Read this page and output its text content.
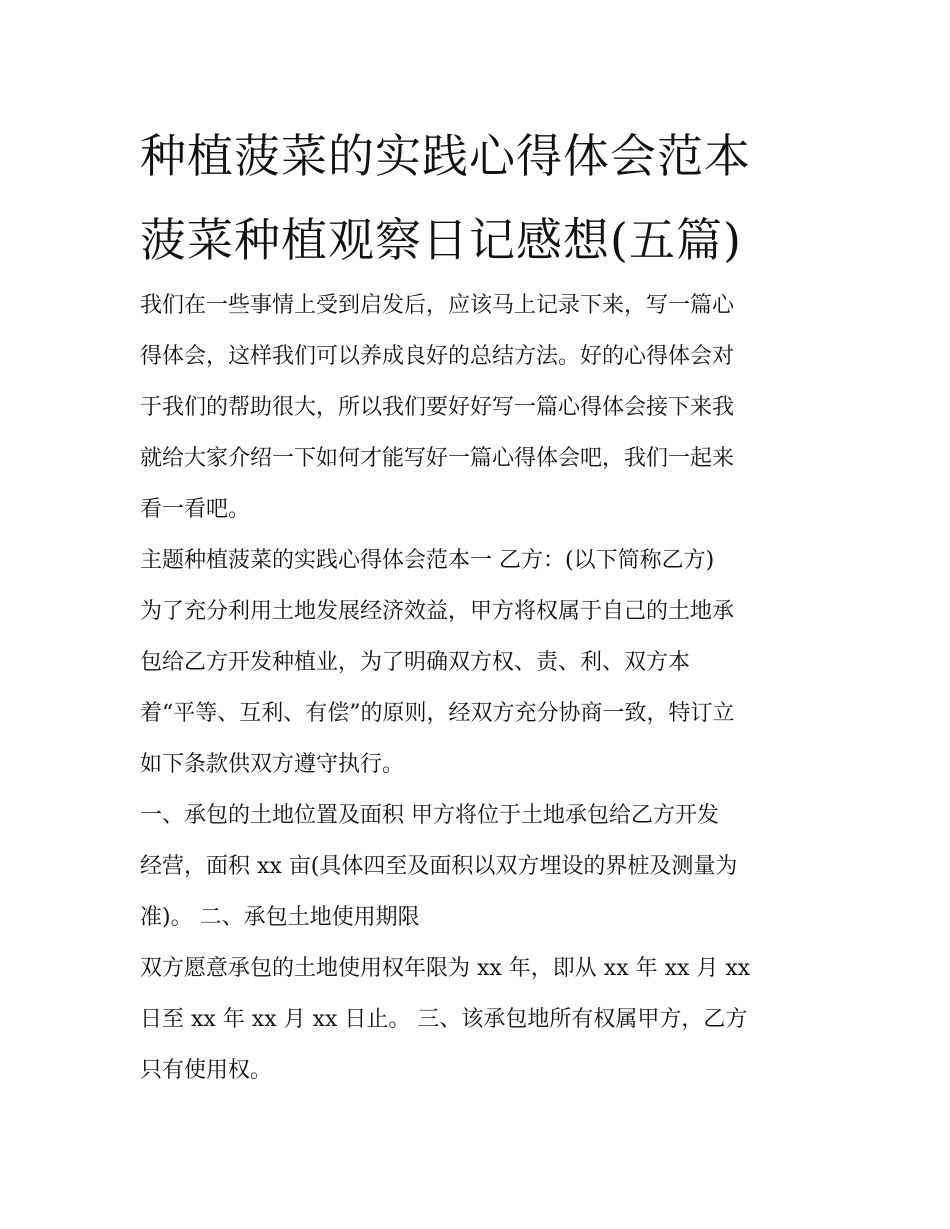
种植菠菜的实践心得体会范本
菠菜种植观察日记感想(五篇)
我们在一些事情上受到启发后，应该马上记录下来，写一篇心
得体会，这样我们可以养成良好的总结方法。好的心得体会对
于我们的帮助很大，所以我们要好好写一篇心得体会接下来我
就给大家介绍一下如何才能写好一篇心得体会吧，我们一起来
看一看吧。
主题种植菠菜的实践心得体会范本一 乙方：(以下简称乙方)
为了充分利用土地发展经济效益，甲方将权属于自己的土地承
包给乙方开发种植业，为了明确双方权、责、利、双方本
着“平等、互利、有偿”的原则，经双方充分协商一致，特订立
如下条款供双方遵守执行。
一、承包的土地位置及面积 甲方将位于土地承包给乙方开发
经营，面积 xx 亩(具体四至及面积以双方埋设的界桩及测量为
准)。 二、承包土地使用期限
双方愿意承包的土地使用权年限为 xx 年，即从 xx 年 xx 月 xx
日至 xx 年 xx 月 xx 日止。 三、该承包地所有权属甲方，乙方
只有使用权。
